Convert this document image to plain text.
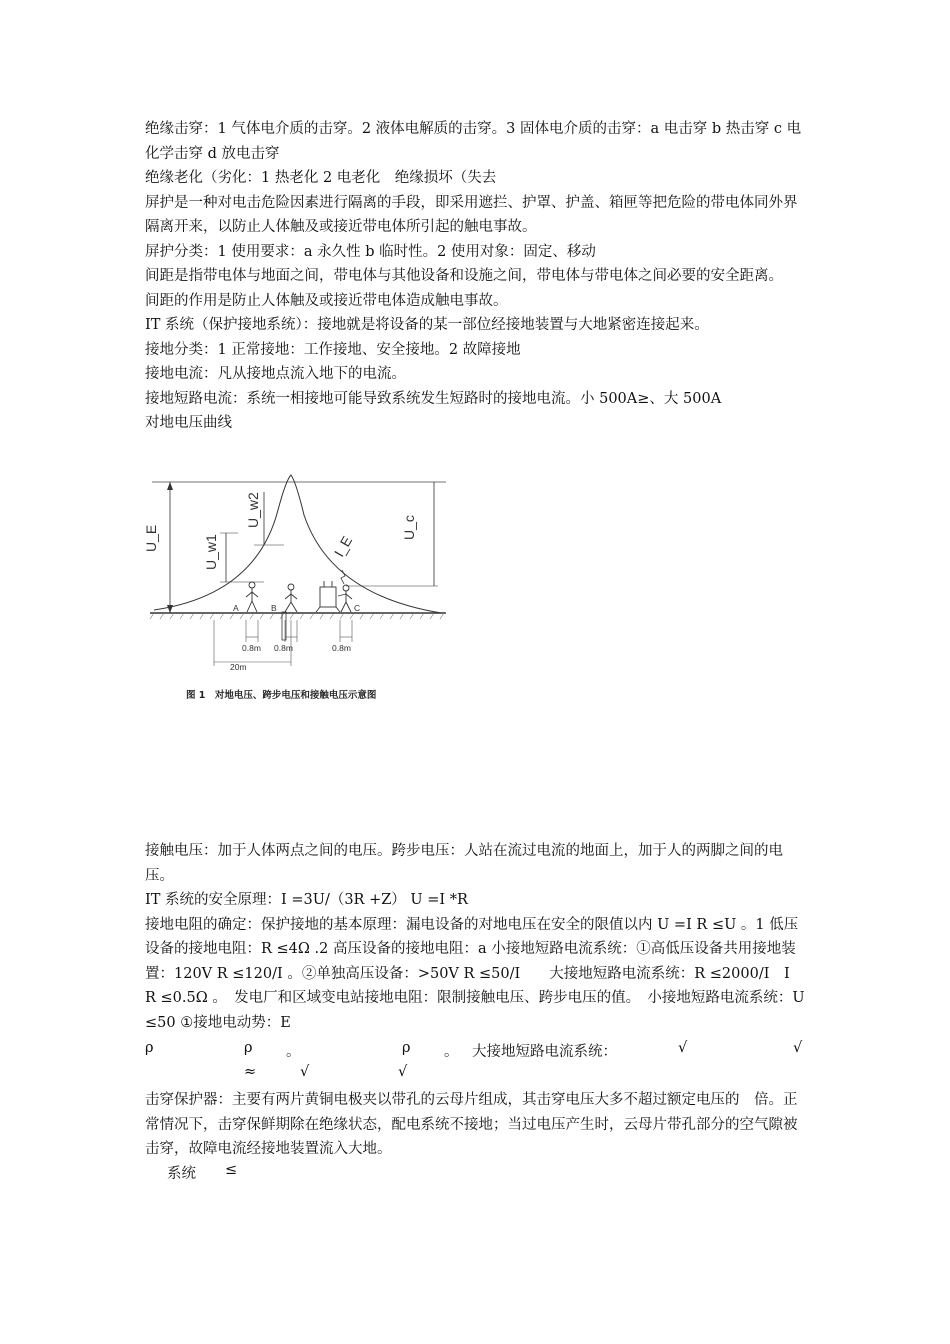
绝缘击穿：1 气体电介质的击穿。2 液体电解质的击穿。3 固体电介质的击穿：a 电击穿 b 热击穿 c 电化学击穿 d 放电击穿

绝缘老化（劣化：1 热老化 2 电老化　绝缘损坏（失去

屏护是一种对电击危险因素进行隔离的手段，即采用遮拦、护罩、护盖、箱匣等把危险的带电体同外界隔离开来，以防止人体触及或接近带电体所引起的触电事故。

屏护分类：1 使用要求：a 永久性 b 临时性。2 使用对象：固定、移动

间距是指带电体与地面之间，带电体与其他设备和设施之间，带电体与带电体之间必要的安全距离。

间距的作用是防止人体触及或接近带电体造成触电事故。

IT 系统（保护接地系统）：接地就是将设备的某一部位经接地装置与大地紧密连接起来。

接地分类：1 正常接地：工作接地、安全接地。2 故障接地

接地电流：凡从接地点流入地下的电流。

接地短路电流：系统一相接地可能导致系统发生短路时的接地电流。小 500A≥、大 500A

对地电压曲线

U_E	U_w1
U_w2	U_c
I_E
A	B	C
0.8m 0.8m	0.8m
20m
图 1　对地电压、跨步电压和接触电压示意图

接触电压：加于人体两点之间的电压。跨步电压：人站在流过电流的地面上，加于人的两脚之间的电压。

IT 系统的安全原理：I =3U/（3R +Z） U =I *R

接地电阻的确定：保护接地的基本原理：漏电设备的对地电压在安全的限值以内 U =I R ≤U 。1 低压设备的接地电阻：R ≤4Ω .2 高压设备的接地电阻：a 小接地短路电流系统：①高低压设备共用接地装置：120V R ≤120/I 。②单独高压设备：>50V R ≤50/I　　大接地短路电流系统：R ≤2000/I　I　　　　R ≤0.5Ω 。　发电厂和区域变电站接地电阻：限制接触电压、跨步电压的值。　小接地短路电流系统：U ≤50 ①接地电动势：E

ρ	ρ 。	ρ 。 大接地短路电流系统：	√	√
≈	√	√

击穿保护器：主要有两片黄铜电极夹以带孔的云母片组成，其击穿电压大多不超过额定电压的　倍。正常情况下，击穿保鲜期除在绝缘状态，配电系统不接地；当过电压产生时，云母片带孔部分的空气隙被击穿，故障电流经接地装置流入大地。

系统 ≤
